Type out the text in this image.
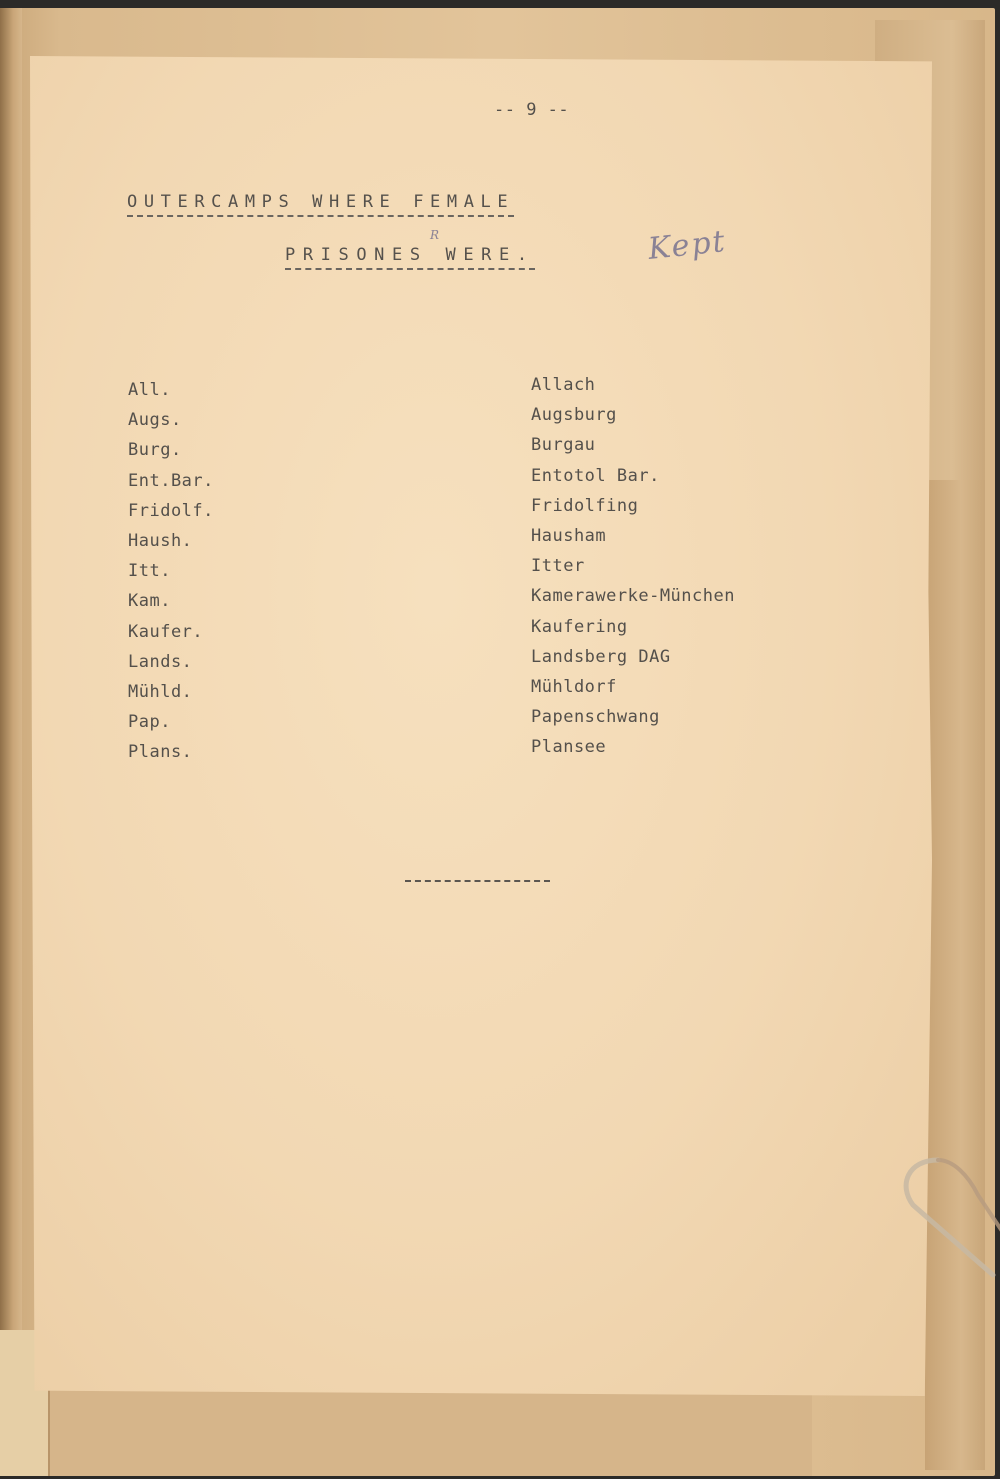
-- 9 --
OUTERCAMPS WHERE FEMALE
PRISONES WERE.
R	Kept
All.
Augs.
Burg.
Ent.Bar.
Fridolf.
Haush.
Itt.
Kam.
Kaufer.
Lands.
Mühld.
Pap.
Plans.
Allach
Augsburg
Burgau
Entotol Bar.
Fridolfing
Hausham
Itter
Kamerawerke-München
Kaufering
Landsberg DAG
Mühldorf
Papenschwang
Plansee
